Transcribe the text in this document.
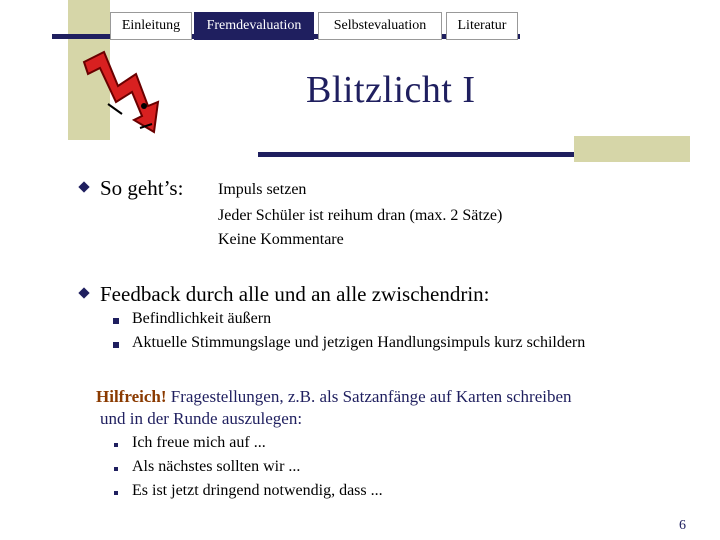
Einleitung	Fremdevaluation	Selbstevaluation	Literatur
Blitzlicht I
So geht’s: Impuls setzen
Jeder Schüler ist reihum dran (max. 2 Sätze)
Keine Kommentare
Feedback durch alle und an alle zwischendrin:
Befindlichkeit äußern
Aktuelle Stimmungslage und jetzigen Handlungsimpuls kurz schildern
Hilfreich! Fragestellungen, z.B. als Satzanfänge auf Karten schreiben
und in der Runde auszulegen:
Ich freue mich auf ...
Als nächstes sollten wir ...
Es ist jetzt dringend notwendig, dass ...
6
